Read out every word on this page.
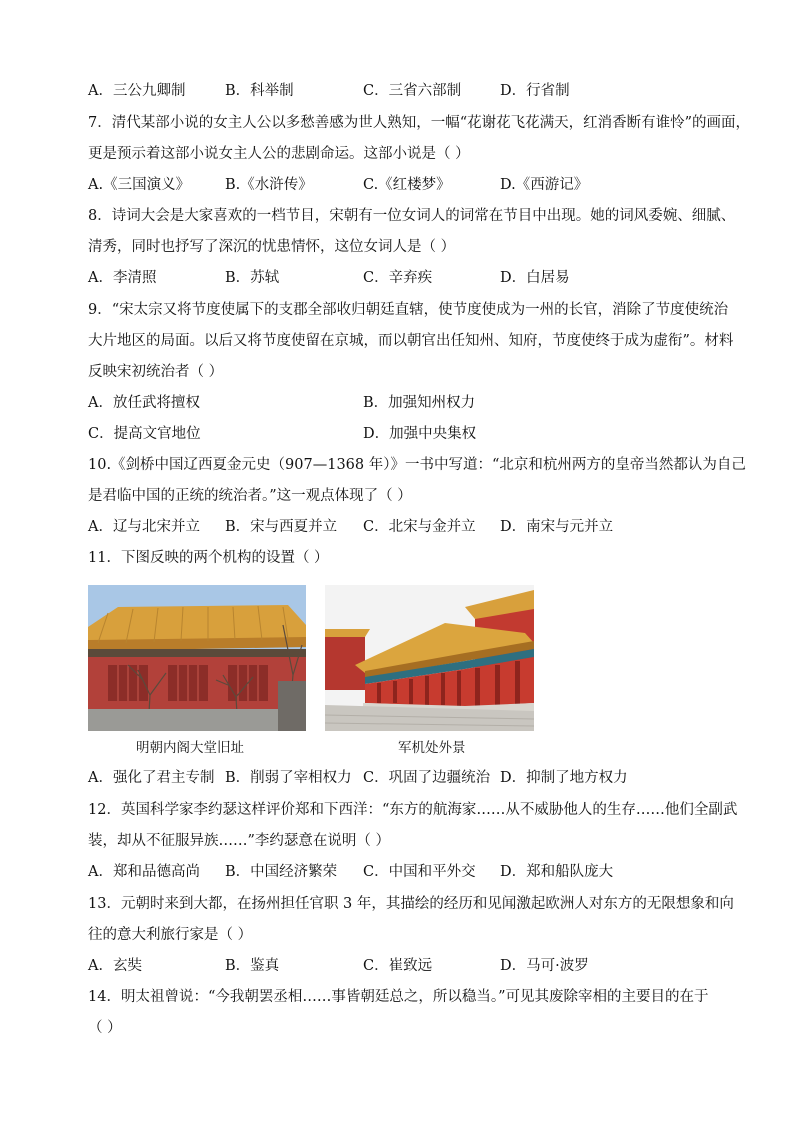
A．三公九卿制	B．科举制	C．三省六部制	D．行省制
7．清代某部小说的女主人公以多愁善感为世人熟知，一幅“花谢花飞花满天，红消香断有谁怜”的画面，
更是预示着这部小说女主人公的悲剧命运。这部小说是（ ）
A.《三国演义》 B.《水浒传》	C.《红楼梦》	D.《西游记》
8．诗词大会是大家喜欢的一档节目，宋朝有一位女词人的词常在节目中出现。她的词风委婉、细腻、
清秀，同时也抒写了深沉的忧患情怀，这位女词人是（ ）
A．李清照	B．苏轼	C．辛弃疾	D．白居易
9．“宋太宗又将节度使属下的支郡全部收归朝廷直辖，使节度使成为一州的长官，消除了节度使统治
大片地区的局面。以后又将节度使留在京城，而以朝官出任知州、知府，节度使终于成为虚衔”。材料
反映宋初统治者（ ）
A．放任武将擅权	B．加强知州权力
C．提高文官地位	D．加强中央集权
10.《剑桥中国辽西夏金元史（907—1368 年）》一书中写道：“北京和杭州两方的皇帝当然都认为自己
是君临中国的正统的统治者。”这一观点体现了（ ）
A．辽与北宋并立 B．宋与西夏并立 C．北宋与金并立 D．南宋与元并立
11．下图反映的两个机构的设置（ ）
明朝内阁大堂旧址	军机处外景
A．强化了君主专制 B．削弱了宰相权力 C．巩固了边疆统治 D．抑制了地方权力
12．英国科学家李约瑟这样评价郑和下西洋：“东方的航海家……从不威胁他人的生存……他们全副武
装，却从不征服异族……”李约瑟意在说明（ ）
A．郑和品德高尚 B．中国经济繁荣 C．中国和平外交 D．郑和船队庞大
13．元朝时来到大都，在扬州担任官职 3 年，其描绘的经历和见闻激起欧洲人对东方的无限想象和向
往的意大利旅行家是（ ）
A．玄奘	B．鉴真	C．崔致远	D．马可·波罗
14．明太祖曾说：“今我朝罢丞相……事皆朝廷总之，所以稳当。”可见其废除宰相的主要目的在于
（ ）
